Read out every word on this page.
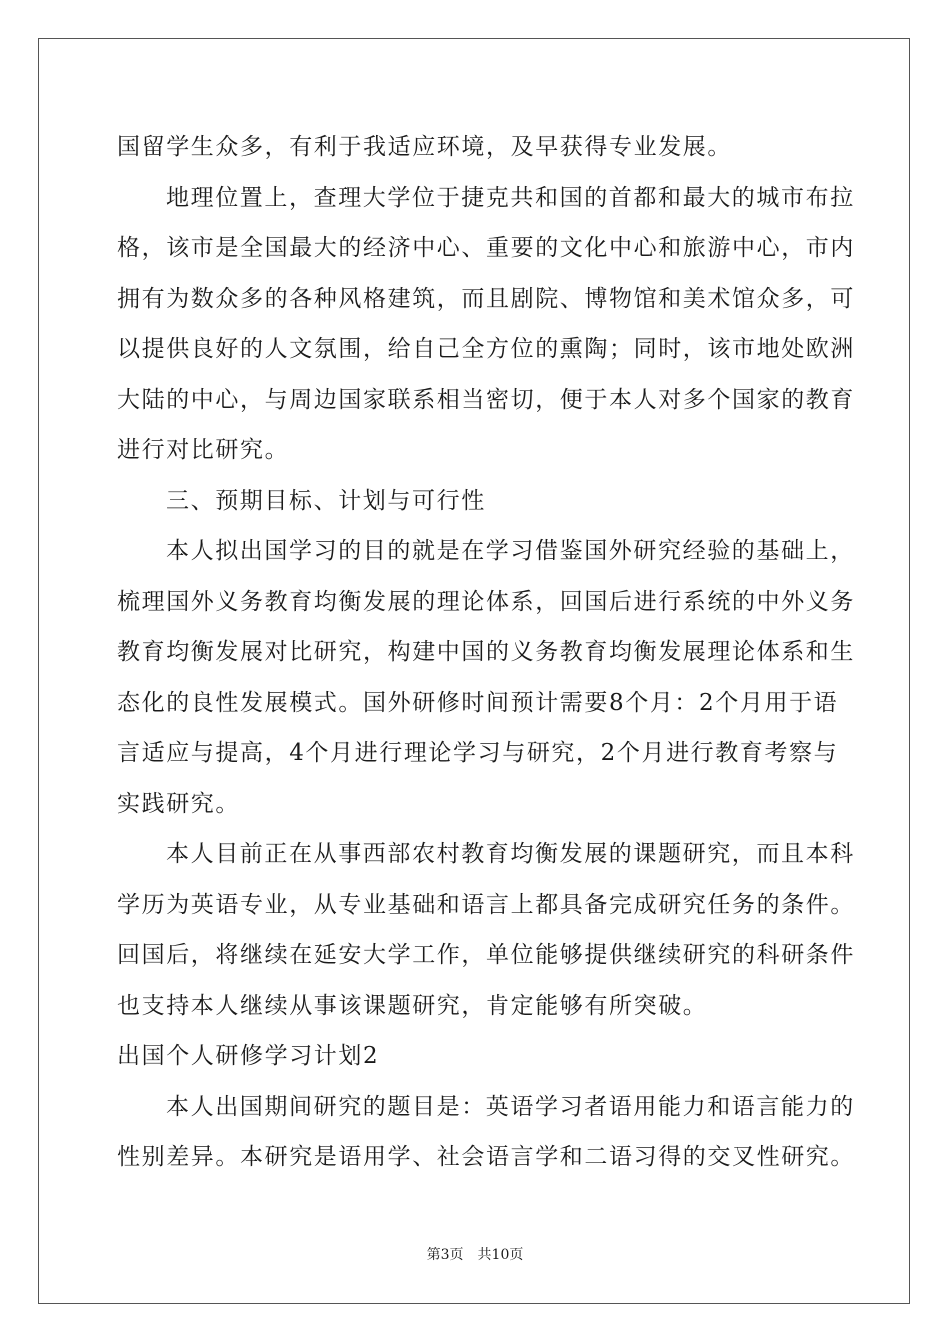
国留学生众多，有利于我适应环境，及早获得专业发展。
地理位置上，查理大学位于捷克共和国的首都和最大的城市布拉
格，该市是全国最大的经济中心、重要的文化中心和旅游中心，市内
拥有为数众多的各种风格建筑，而且剧院、博物馆和美术馆众多，可
以提供良好的人文氛围，给自己全方位的熏陶；同时，该市地处欧洲
大陆的中心，与周边国家联系相当密切，便于本人对多个国家的教育
进行对比研究。
三、预期目标、计划与可行性
本人拟出国学习的目的就是在学习借鉴国外研究经验的基础上，
梳理国外义务教育均衡发展的理论体系，回国后进行系统的中外义务
教育均衡发展对比研究，构建中国的义务教育均衡发展理论体系和生
态化的良性发展模式。国外研修时间预计需要8个月：2个月用于语
言适应与提高，4个月进行理论学习与研究，2个月进行教育考察与
实践研究。
本人目前正在从事西部农村教育均衡发展的课题研究，而且本科
学历为英语专业，从专业基础和语言上都具备完成研究任务的条件。
回国后，将继续在延安大学工作，单位能够提供继续研究的科研条件
也支持本人继续从事该课题研究，肯定能够有所突破。
出国个人研修学习计划2
本人出国期间研究的题目是：英语学习者语用能力和语言能力的
性别差异。本研究是语用学、社会语言学和二语习得的交叉性研究。
第3页 共10页
